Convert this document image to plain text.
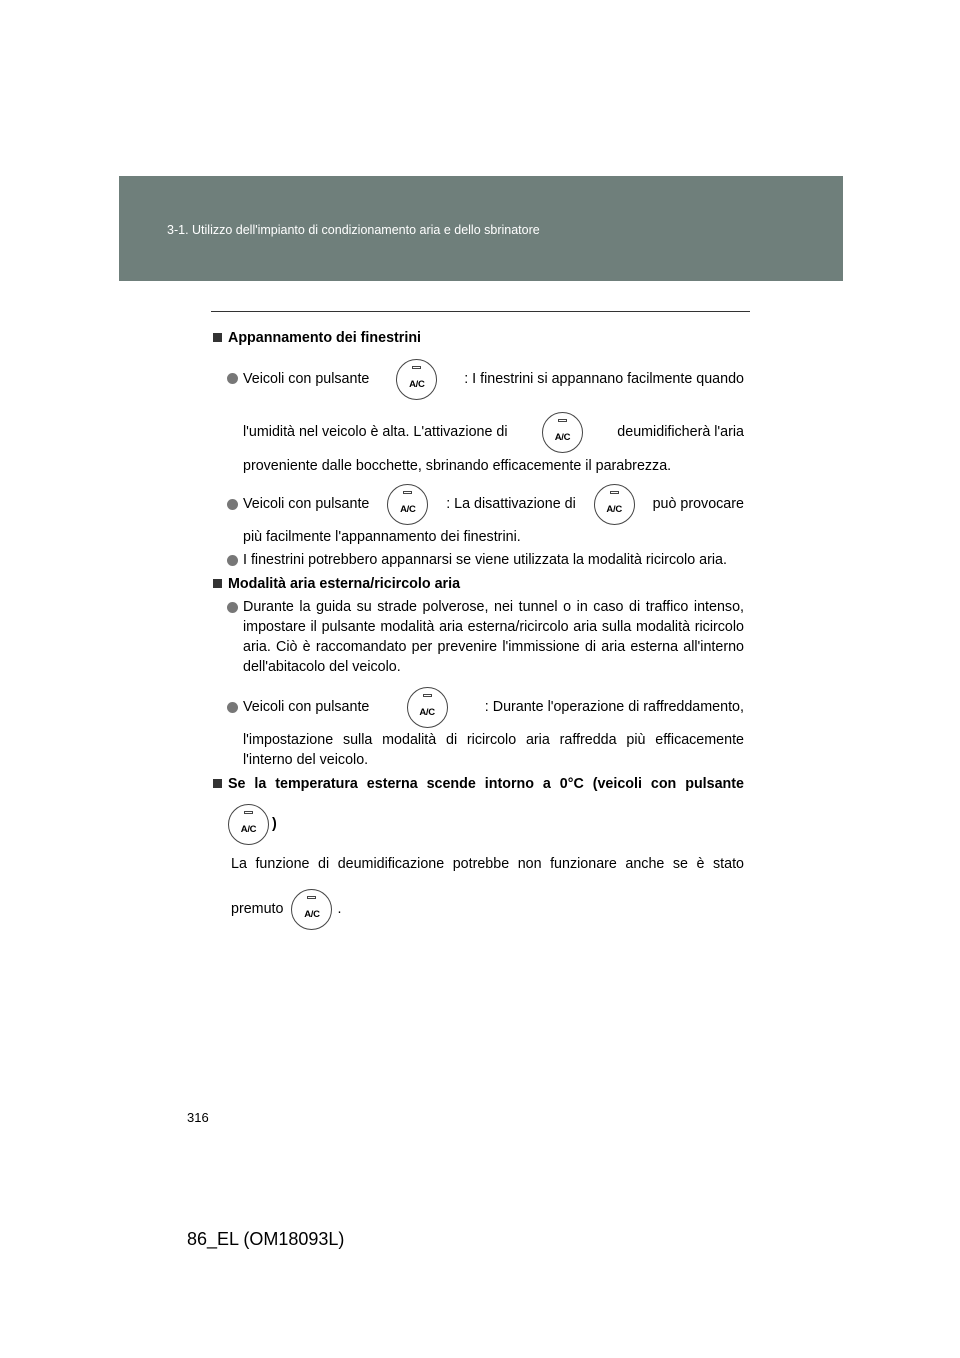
3-1. Utilizzo dell'impianto di condizionamento aria e dello sbrinatore
Appannamento dei finestrini
Veicoli con pulsante	A/C	: I finestrini si appannano facilmente quando
l'umidità nel veicolo è alta. L'attivazione di	A/C	deumidificherà l'aria
proveniente dalle bocchette, sbrinando efficacemente il parabrezza.
Veicoli con pulsante	A/C	: La disattivazione di	A/C	può provocare
più facilmente l'appannamento dei finestrini.
I finestrini potrebbero appannarsi se viene utilizzata la modalità ricircolo aria.
Modalità aria esterna/ricircolo aria
Durante la guida su strade polverose, nei tunnel o in caso di traffico intenso, impostare il pulsante modalità aria esterna/ricircolo aria sulla modalità ricircolo aria. Ciò è raccomandato per prevenire l'immissione di aria esterna all'interno dell'abitacolo del veicolo.
Veicoli con pulsante	A/C	: Durante l'operazione di raffreddamento,
l'impostazione sulla modalità di ricircolo aria raffredda più efficacemente l'interno del veicolo.
Se la temperatura esterna scende intorno a 0°C (veicoli con pulsante
A/C	)
La funzione di deumidificazione potrebbe non funzionare anche se è stato
premuto	A/C	.
316
86_EL (OM18093L)
